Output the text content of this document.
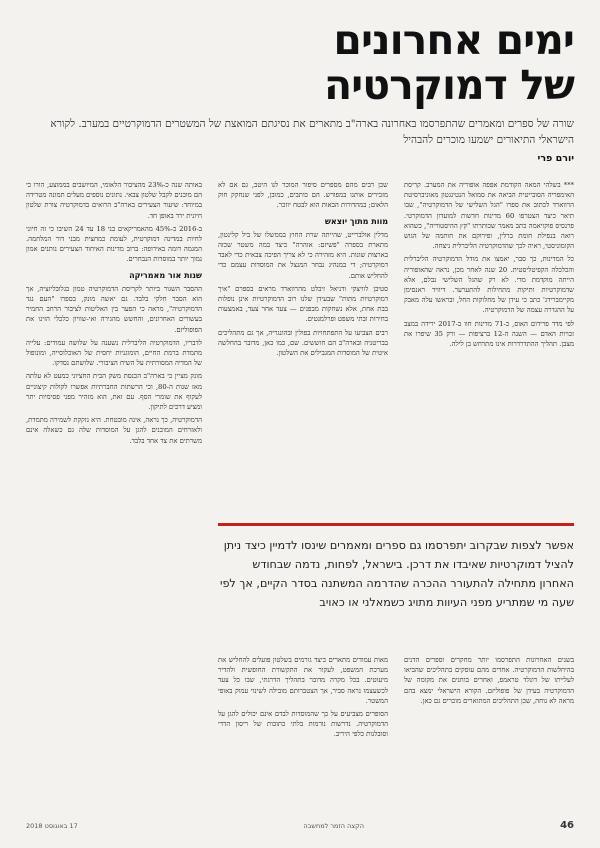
ימים אחרונים
של דמוקרטיה

שורה של ספרים ומאמרים שהתפרסמו באחרונה בארה"ב מתארים את נסיגתם המואצת של המשטרים הדמוקרטיים במערב. לקורא הישראלי התיאורים ישמעו מוכרים להבהיל

יורם פרי

*** בשלהי המאה הקודמת אפפה אופוריה את המערב. קריסת האימפריה הסובייטית הביאה את סמואל הנטינגטון מאוניברסיטת הרווארד לכתוב את ספרו "הגל השלישי של הדמוקרטיה", שבו תיאר כיצד הצטרפו 60 מדינות חדשות למועדון הדמוקרטי. פרנסיס פוקויאמה כתב מאמר שכותרתו "קץ ההיסטוריה", כשהוא רואה בנפילת חומת ברלין, ופירוקם את חותמה של הגוש הקומוניסטי, ראיה לכך שהדמוקרטיה הליברלית ניצחה.

כל המדינות, כך סבר, יאמצו את מודל הדמוקרטיה הליברלית והכלכלה הקפיטליסטית. 20 שנה לאחר מכן, נראה שהאופוריה הייתה מוקדמת מדי. לא רק שהגל השלישי נבלם, אלא שדמוקרטיות ותיקות מתחילות להתערער. דיוויד ראנסימן מקיימברידג' כתב כי עידן של מחלוקות החל, ובראשו עלה מאבק על ההגדרה עצמה של הדמוקרטיה.

לפי מדד פרידום האוס, כ-71 מדינות חוו ב-2017 ירידה במצב זכויות האדם — השנה ה-12 ברציפות — ורק 35 שיפרו את מצבן. תהליך ההתדרדרות אינו מתרחש בן לילה.

שכן רבים מהם מספרים סיפור המוכר לנו היטב, גם אם לא מזכירים אותנו במפורש. הם כותבים, כמובן, לפני שנחקק חוק הלאום; במהדורות הבאות הוא לבטח יוזכר.

מוות מתוך יוצאש

מדלין אולברייט, שהייתה שרת החוץ בממשלו של ביל קלינטון, מתארת בספרה "פשיזם: אזהרה" כיצד במה משטר שכזה בארצות שונות. היא מזהירה כי לא צריך הפיכה צבאית כדי לאבד דמוקרטיה; די במנהיג נבחר המנצל את המוסדות עצמם כדי להחליש אותם.

סטיבן לוויצקי ודניאל זיבלט מהרווארד מראים בספרם "איך דמוקרטיות מתות" שבעידן שלנו רוב הדמוקרטיות אינן נופלות בבת אחת, אלא נשחקות מבפנים — צעד אחר צעד, באמצעות בחירות ובתי משפט ופרלמנטים.

רבים הצביעו על התפתחויות בפולין ובהונגריה, אך גם מתהליכים בבריטניה ובארה"ב הם חוששים. שם, כמו כאן, מדובר בהחלשה איטית של המוסדות המגבילים את השלטון.

באותה שנה כ-23% מהציבור הלאומי, המיושבים בממוצע, הורו כי הם מוכנים לקבל שלטון צבאי. נתונים נוספים מעלים תמונה מטרידה במיוחד: שיעור הצעירים בארה"ב הרואים בדמוקרטיה צורת שלטון חיונית ירד באופן חד.

ב-2016 כ-45% מהאמריקאים בני 18 עד 24 השיבו כי זה חיוני לחיות במדינה דמוקרטית, לעומת כמחצית מבני דור המלחמה. המגמה דומה באירופה: ברוב מדינות האיחוד הצעירים נותנים אמון נמוך יותר במוסדות הנבחרים.

שנות אור מאמריקה

ההסבר השגור ביותר לקריסת הדמוקרטיה טמון בגלובליזציה, אך הוא הסבר חלקי בלבד. גם יאשה מונק, בספרו "העם נגד הדמוקרטיה", מראה כי הפער בין האליטות לציבור הרחב החמיר בעשורים האחרונים, והחשש מהגירה ואי-שוויון כלכלי הזינו את הפופוליזם.

לדבריו, הדמוקרטיה הליברלית נשענה על שלושה עמודים: עלייה מתמדת ברמת החיים, הומוגניות יחסית של האוכלוסייה, ומונופול של המדיה המסורתית על השיח הציבורי. שלושתם נסדקו.

מונק מציין כי בארה"ב הכנסת משק הבית החציוני כמעט לא עלתה מאז שנות ה-80, וכי הרשתות החברתיות אפשרו לקולות קיצוניים לעקוף את שומרי הסף. עם זאת, הוא מזהיר מפני פסימיות יתר ומציע דרכים לתיקון.

הדמוקרטיה, כך נראה, אינה מובטחת. היא נזקקת לשמירה מתמדת, ולאזרחים המוכנים להגן על המוסדות שלה גם כשאלה אינם משרתים את צד אחד בלבד.

אפשר לצפות שבקרוב יתפרסמו גם ספרים ומאמרים שינסו לדמיין כיצד ניתן להציל דמוקרטיות שאיבדו את דרכן. בישראל, לפחות, נדמה שבחודש האחרון מתחילה להתעורר ההכרה שהדרמה המשתנה בסדר הקיים, אך לפי שעה מי שמתריע מפני העיוות מתויג כשמאלני או כאויב

בשנים האחרונות התפרסמו יותר מחקרים וספרים הדנים בהיחלשות הדמוקרטיה. אחדים מהם עוסקים בתהליכים שהביאו לעלייתו של דונלד טראמפ, ואחרים בוחנים את מקומה של הדמוקרטיה בעידן של פופוליזם. הקורא הישראלי ימצא בהם מראה לא נוחה, שכן התהליכים המתוארים מוכרים גם כאן.

מאות עמודים מתארים כיצד גורמים בשלטון פועלים להחליש את מערכת המשפט, לעקור את התקשורת החופשית ולהדיר מיעוטים. בכל מקרה מדובר בתהליך הדרגתי, שבו כל צעד לכשעצמו נראה סביר, אך הצטברותם מובילה לשינוי עמוק באופי המשטר.

הסופרים מצביעים על כך שהמוסדות לבדם אינם יכולים להגן על הדמוקרטיה. נדרשות נורמות בלתי כתובות של ריסון הדדי וסובלנות כלפי היריב.

46
הקצה הזמר למחשבה
17 באוגוסט 2018
